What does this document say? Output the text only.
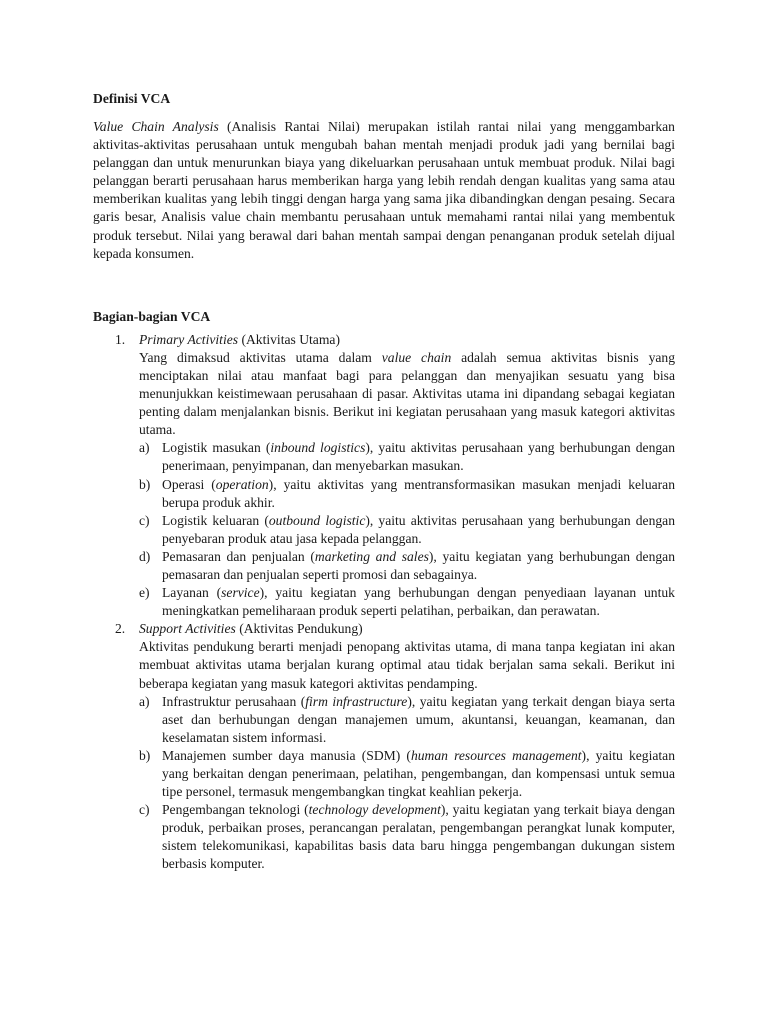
Definisi VCA

Value Chain Analysis (Analisis Rantai Nilai) merupakan istilah rantai nilai yang menggambarkan aktivitas-aktivitas perusahaan untuk mengubah bahan mentah menjadi produk jadi yang bernilai bagi pelanggan dan untuk menurunkan biaya yang dikeluarkan perusahaan untuk membuat produk. Nilai bagi pelanggan berarti perusahaan harus memberikan harga yang lebih rendah dengan kualitas yang sama atau memberikan kualitas yang lebih tinggi dengan harga yang sama jika dibandingkan dengan pesaing. Secara garis besar, Analisis value chain membantu perusahaan untuk memahami rantai nilai yang membentuk produk tersebut. Nilai yang berawal dari bahan mentah sampai dengan penanganan produk setelah dijual kepada konsumen.

Bagian-bagian VCA

1. Primary Activities (Aktivitas Utama)

Yang dimaksud aktivitas utama dalam value chain adalah semua aktivitas bisnis yang menciptakan nilai atau manfaat bagi para pelanggan dan menyajikan sesuatu yang bisa menunjukkan keistimewaan perusahaan di pasar. Aktivitas utama ini dipandang sebagai kegiatan penting dalam menjalankan bisnis. Berikut ini kegiatan perusahaan yang masuk kategori aktivitas utama.

a) Logistik masukan (inbound logistics), yaitu aktivitas perusahaan yang berhubungan dengan penerimaan, penyimpanan, dan menyebarkan masukan.
b) Operasi (operation), yaitu aktivitas yang mentransformasikan masukan menjadi keluaran berupa produk akhir.
c) Logistik keluaran (outbound logistic), yaitu aktivitas perusahaan yang berhubungan dengan penyebaran produk atau jasa kepada pelanggan.
d) Pemasaran dan penjualan (marketing and sales), yaitu kegiatan yang berhubungan dengan pemasaran dan penjualan seperti promosi dan sebagainya.
e) Layanan (service), yaitu kegiatan yang berhubungan dengan penyediaan layanan untuk meningkatkan pemeliharaan produk seperti pelatihan, perbaikan, dan perawatan.
2. Support Activities (Aktivitas Pendukung)

Aktivitas pendukung berarti menjadi penopang aktivitas utama, di mana tanpa kegiatan ini akan membuat aktivitas utama berjalan kurang optimal atau tidak berjalan sama sekali. Berikut ini beberapa kegiatan yang masuk kategori aktivitas pendamping.

a) Infrastruktur perusahaan (firm infrastructure), yaitu kegiatan yang terkait dengan biaya serta aset dan berhubungan dengan manajemen umum, akuntansi, keuangan, keamanan, dan keselamatan sistem informasi.
b) Manajemen sumber daya manusia (SDM) (human resources management), yaitu kegiatan yang berkaitan dengan penerimaan, pelatihan, pengembangan, dan kompensasi untuk semua tipe personel, termasuk mengembangkan tingkat keahlian pekerja.
c) Pengembangan teknologi (technology development), yaitu kegiatan yang terkait biaya dengan produk, perbaikan proses, perancangan peralatan, pengembangan perangkat lunak komputer, sistem telekomunikasi, kapabilitas basis data baru hingga pengembangan dukungan sistem berbasis komputer.
